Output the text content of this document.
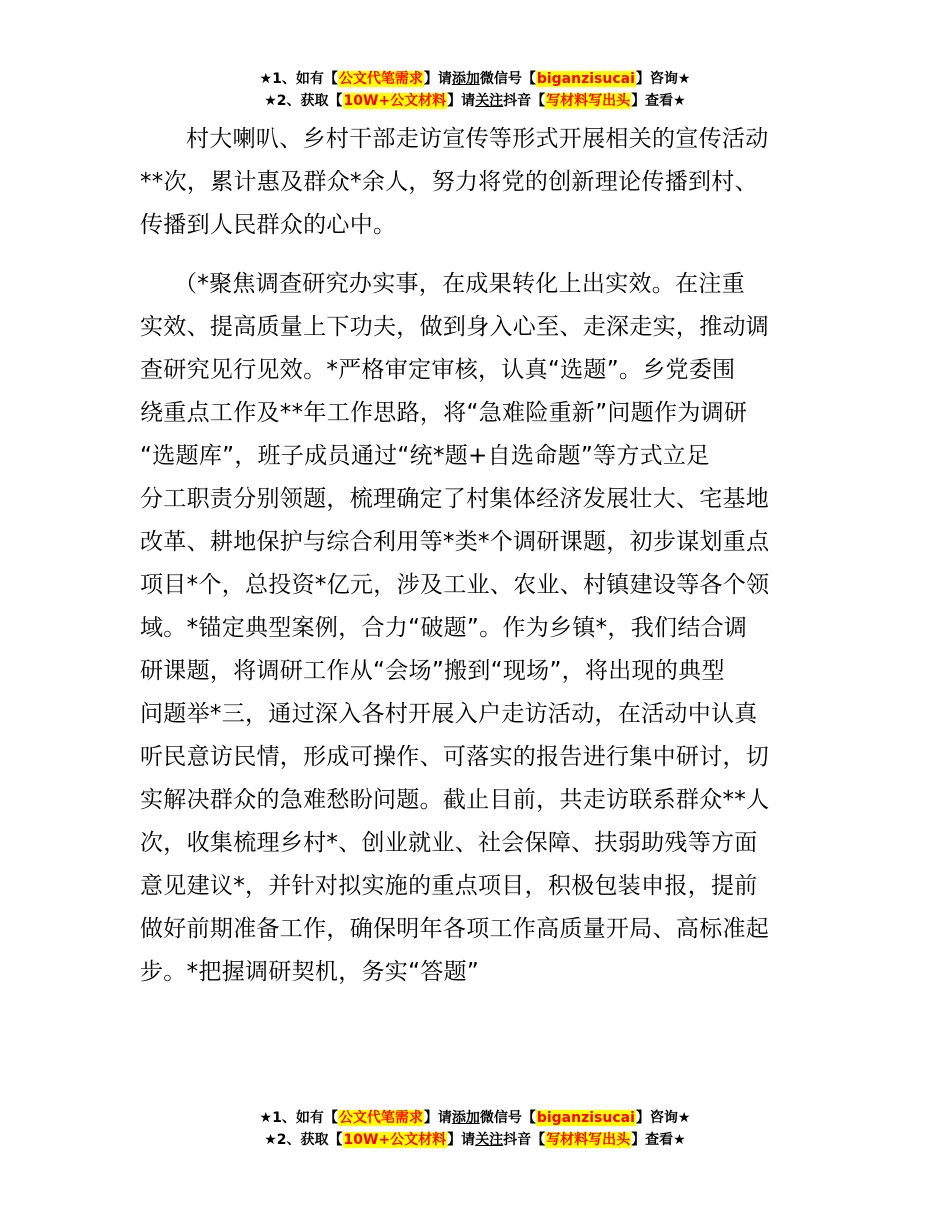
★1、如有【公文代笔需求】请添加微信号【biganzisucai】咨询★
★2、获取【10W+公文材料】请关注抖音【写材料写出头】查看★
村大喇叭、乡村干部走访宣传等形式开展相关的宣传活动
**次，累计惠及群众*余人，努力将党的创新理论传播到村、
传播到人民群众的心中。
（*聚焦调查研究办实事，在成果转化上出实效。在注重
实效、提高质量上下功夫，做到身入心至、走深走实，推动调
查研究见行见效。*严格审定审核，认真“选题”。乡党委围
绕重点工作及**年工作思路，将“急难险重新”问题作为调研
“选题库”，班子成员通过“统*题+自选命题”等方式立足
分工职责分别领题，梳理确定了村集体经济发展壮大、宅基地
改革、耕地保护与综合利用等*类*个调研课题，初步谋划重点
项目*个，总投资*亿元，涉及工业、农业、村镇建设等各个领
域。*锚定典型案例，合力“破题”。作为乡镇*，我们结合调
研课题，将调研工作从“会场”搬到“现场”，将出现的典型
问题举*三，通过深入各村开展入户走访活动，在活动中认真
听民意访民情，形成可操作、可落实的报告进行集中研讨，切
实解决群众的急难愁盼问题。截止目前，共走访联系群众**人
次，收集梳理乡村*、创业就业、社会保障、扶弱助残等方面
意见建议*，并针对拟实施的重点项目，积极包装申报，提前
做好前期准备工作，确保明年各项工作高质量开局、高标准起
步。*把握调研契机，务实“答题”
★1、如有【公文代笔需求】请添加微信号【biganzisucai】咨询★
★2、获取【10W+公文材料】请关注抖音【写材料写出头】查看★
